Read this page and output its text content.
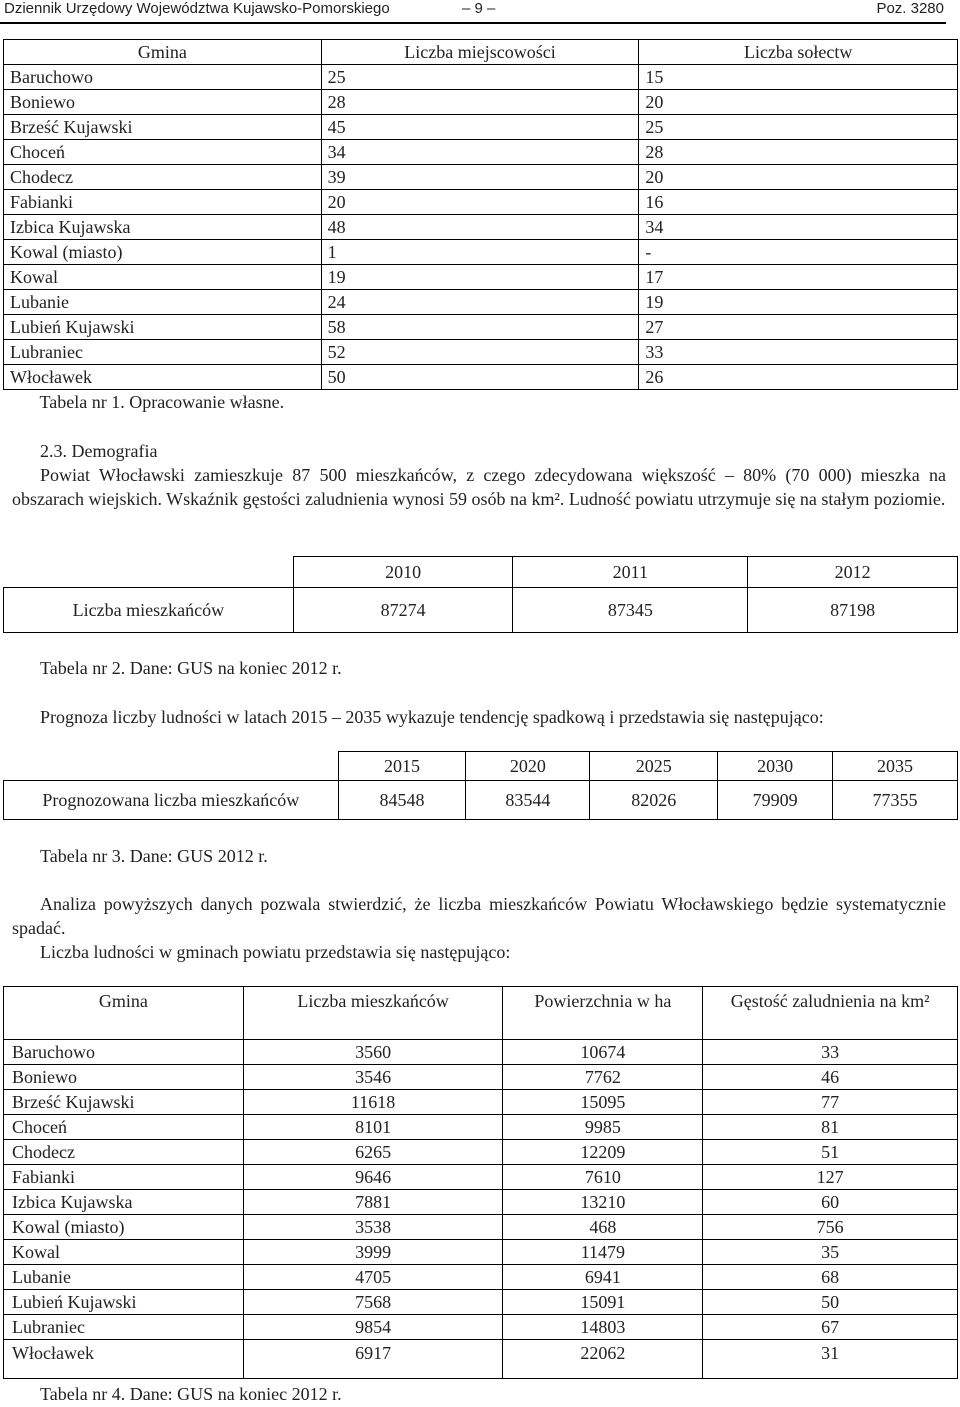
Dziennik Urzędowy Województwa Kujawsko-Pomorskiego	– 9 –	Poz. 3280
Gmina	Liczba miejscowości	Liczba sołectw
Baruchowo	25	15
Boniewo	28	20
Brześć Kujawski	45	25
Choceń	34	28
Chodecz	39	20
Fabianki	20	16
Izbica Kujawska	48	34
Kowal (miasto)	1	-
Kowal	19	17
Lubanie	24	19
Lubień Kujawski	58	27
Lubraniec	52	33
Włocławek	50	26
Tabela nr 1. Opracowanie własne.		
2.3. Demografia
Powiat Włocławski zamieszkuje 87 500 mieszkańców, z czego zdecydowana większość – 80% (70 000) mieszka na obszarach wiejskich. Wskaźnik gęstości zaludnienia wynosi 59 osób na km². Ludność powiatu utrzymuje się na stałym poziomie.
	2010	2011	2012
Liczba mieszkańców	87274	87345	87198
Tabela nr 2. Dane: GUS na koniec 2012 r.
Prognoza liczby ludności w latach 2015 – 2035 wykazuje tendencję spadkową i przedstawia się następująco:
	2015	2020	2025	2030	2035
Prognozowana liczba mieszkańców	84548	83544	82026	79909	77355
Tabela nr 3. Dane: GUS 2012 r.
Analiza powyższych danych pozwala stwierdzić, że liczba mieszkańców Powiatu Włocławskiego będzie systematycznie spadać.
Liczba ludności w gminach powiatu przedstawia się następująco:
Gmina	Liczba mieszkańców	Powierzchnia w ha	Gęstość zaludnienia na km²
Baruchowo	3560	10674	33
Boniewo	3546	7762	46
Brześć Kujawski	11618	15095	77
Choceń	8101	9985	81
Chodecz	6265	12209	51
Fabianki	9646	7610	127
Izbica Kujawska	7881	13210	60
Kowal (miasto)	3538	468	756
Kowal	3999	11479	35
Lubanie	4705	6941	68
Lubień Kujawski	7568	15091	50
Lubraniec	9854	14803	67
Włocławek	6917	22062	31
Tabela nr 4. Dane: GUS na koniec 2012 r.
